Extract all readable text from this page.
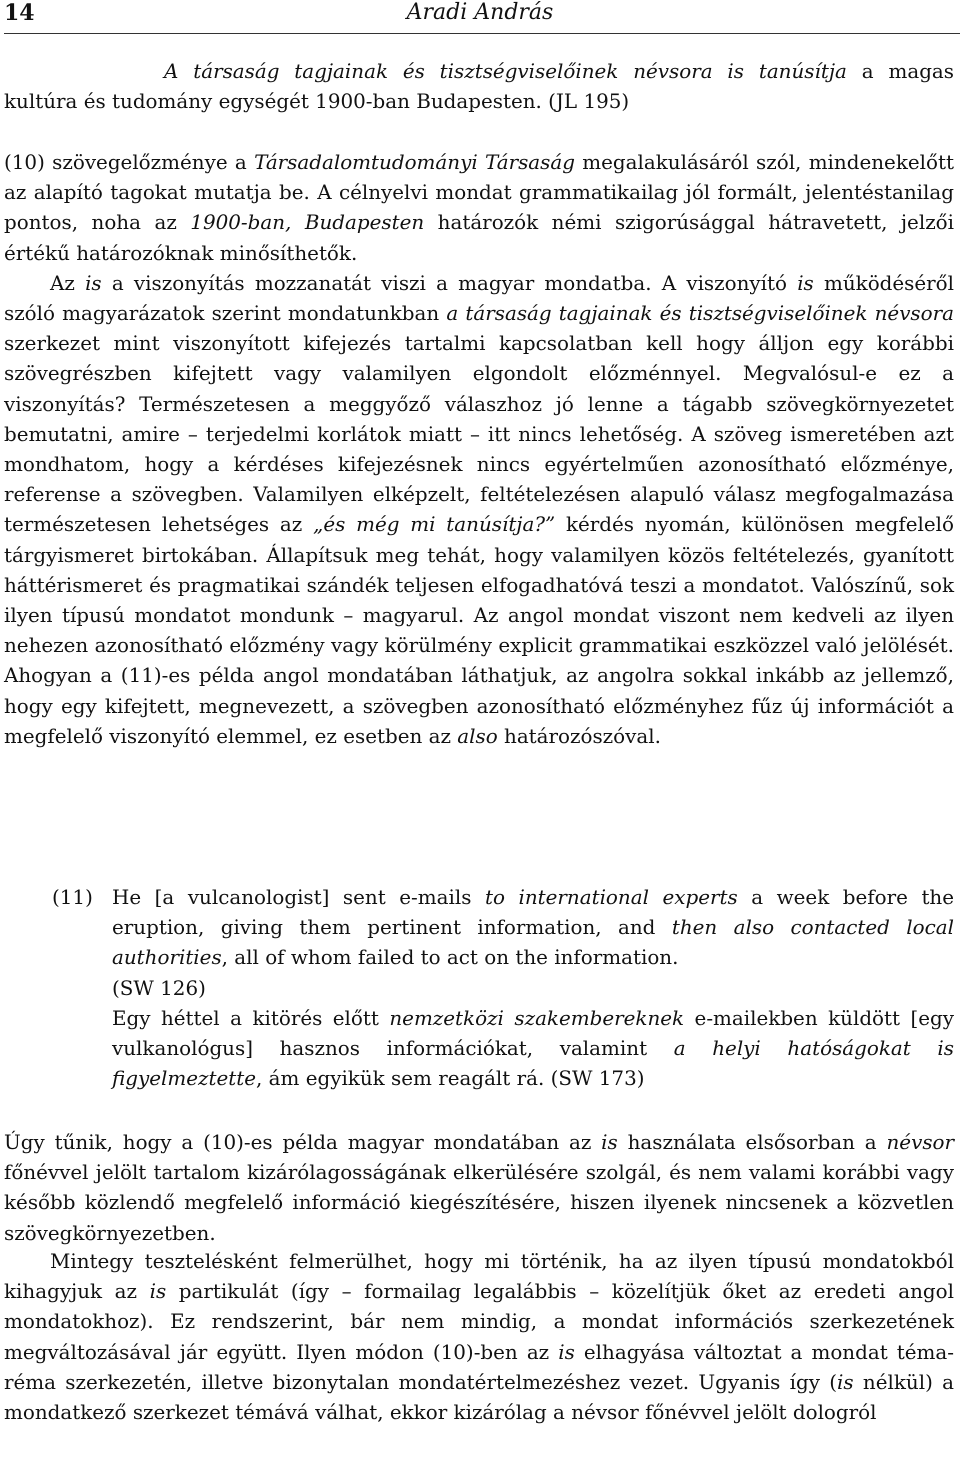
14	Aradi András
A társaság tagjainak és tisztségviselőinek névsora is tanúsítja a magas kultúra és tudomány egységét 1900-ban Budapesten. (JL 195)
(10) szövegelőzménye a Társadalomtudományi Társaság megalakulásáról szól, mindenekelőtt az alapító tagokat mutatja be. A célnyelvi mondat grammatikailag jól formált, jelentéstanilag pontos, noha az 1900-ban, Budapesten határozók némi szigorúsággal hátravetett, jelzői értékű határozóknak minősíthetők.
Az is a viszonyítás mozzanatát viszi a magyar mondatba. A viszonyító is működéséről szóló magyarázatok szerint mondatunkban a társaság tagjainak és tisztségviselőinek névsora szerkezet mint viszonyított kifejezés tartalmi kapcsolatban kell hogy álljon egy korábbi szövegrészben kifejtett vagy valamilyen elgondolt előzménnyel. Megvalósul-e ez a viszonyítás? Természetesen a meggyőző válaszhoz jó lenne a tágabb szövegkörnyezetet bemutatni, amire – terjedelmi korlátok miatt – itt nincs lehetőség. A szöveg ismeretében azt mondhatom, hogy a kérdéses kifejezésnek nincs egyértelműen azonosítható előzménye, referense a szövegben. Valamilyen elképzelt, feltételezésen alapuló válasz megfogalmazása természetesen lehetséges az „és még mi tanúsítja?” kérdés nyomán, különösen megfelelő tárgyismeret birtokában. Állapítsuk meg tehát, hogy valamilyen közös feltételezés, gyanított háttérismeret és pragmatikai szándék teljesen elfogadhatóvá teszi a mondatot. Valószínű, sok ilyen típusú mondatot mondunk – magyarul. Az angol mondat viszont nem kedveli az ilyen nehezen azonosítható előzmény vagy körülmény explicit grammatikai eszközzel való jelölését. Ahogyan a (11)-es példa angol mondatában láthatjuk, az angolra sokkal inkább az jellemző, hogy egy kifejtett, megnevezett, a szövegben azonosítható előzményhez fűz új információt a megfelelő viszonyító elemmel, ez esetben az also határozószóval.
(11) He [a vulcanologist] sent e-mails to international experts a week before the eruption, giving them pertinent information, and then also contacted local authorities, all of whom failed to act on the information.
(SW 126)
Egy héttel a kitörés előtt nemzetközi szakembereknek e-mailekben küldött [egy vulkanológus] hasznos információkat, valamint a helyi hatóságokat is figyelmeztette, ám egyikük sem reagált rá. (SW 173)
Úgy tűnik, hogy a (10)-es példa magyar mondatában az is használata elsősorban a névsor főnévvel jelölt tartalom kizárólagosságának elkerülésére szolgál, és nem valami korábbi vagy később közlendő megfelelő információ kiegészítésére, hiszen ilyenek nincsenek a közvetlen szövegkörnyezetben.
Mintegy tesztelésként felmerülhet, hogy mi történik, ha az ilyen típusú mondatokból kihagyjuk az is partikulát (így – formailag legalábbis – közelítjük őket az eredeti angol mondatokhoz). Ez rendszerint, bár nem mindig, a mondat információs szerkezetének megváltozásával jár együtt. Ilyen módon (10)-ben az is elhagyása változtat a mondat téma-réma szerkezetén, illetve bizonytalan mondatértelmezéshez vezet. Ugyanis így (is nélkül) a mondatkező szerkezet témává válhat, ekkor kizárólag a névsor főnévvel jelölt dologról
